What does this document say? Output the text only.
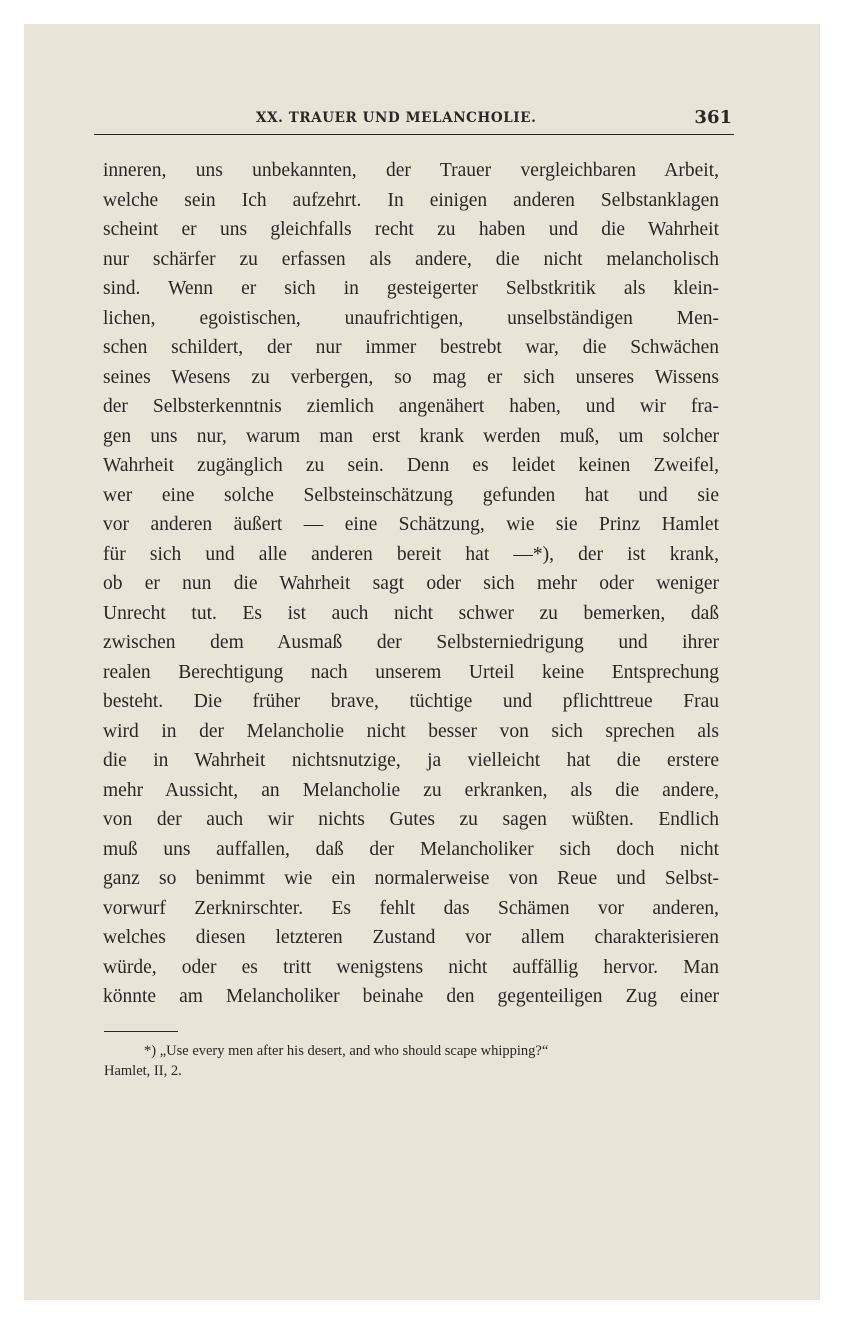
XX. TRAUER UND MELANCHOLIE.	361
inneren, uns unbekannten, der Trauer vergleichbaren Arbeit,
welche sein Ich aufzehrt. In einigen anderen Selbstanklagen
scheint er uns gleichfalls recht zu haben und die Wahrheit
nur schärfer zu erfassen als andere, die nicht melancholisch
sind. Wenn er sich in gesteigerter Selbstkritik als klein-
lichen, egoistischen, unaufrichtigen, unselbständigen Men-
schen schildert, der nur immer bestrebt war, die Schwächen
seines Wesens zu verbergen, so mag er sich unseres Wissens
der Selbsterkenntnis ziemlich angenähert haben, und wir fra-
gen uns nur, warum man erst krank werden muß, um solcher
Wahrheit zugänglich zu sein. Denn es leidet keinen Zweifel,
wer eine solche Selbsteinschätzung gefunden hat und sie
vor anderen äußert — eine Schätzung, wie sie Prinz Hamlet
für sich und alle anderen bereit hat —*), der ist krank,
ob er nun die Wahrheit sagt oder sich mehr oder weniger
Unrecht tut. Es ist auch nicht schwer zu bemerken, daß
zwischen dem Ausmaß der Selbsterniedrigung und ihrer
realen Berechtigung nach unserem Urteil keine Entsprechung
besteht. Die früher brave, tüchtige und pflichttreue Frau
wird in der Melancholie nicht besser von sich sprechen als
die in Wahrheit nichtsnutzige, ja vielleicht hat die erstere
mehr Aussicht, an Melancholie zu erkranken, als die andere,
von der auch wir nichts Gutes zu sagen wüßten. Endlich
muß uns auffallen, daß der Melancholiker sich doch nicht
ganz so benimmt wie ein normalerweise von Reue und Selbst-
vorwurf Zerknirschter. Es fehlt das Schämen vor anderen,
welches diesen letzteren Zustand vor allem charakterisieren
würde, oder es tritt wenigstens nicht auffällig hervor. Man
könnte am Melancholiker beinahe den gegenteiligen Zug einer
*) „Use every men after his desert, and who should scape whipping?“
Hamlet, II, 2.
